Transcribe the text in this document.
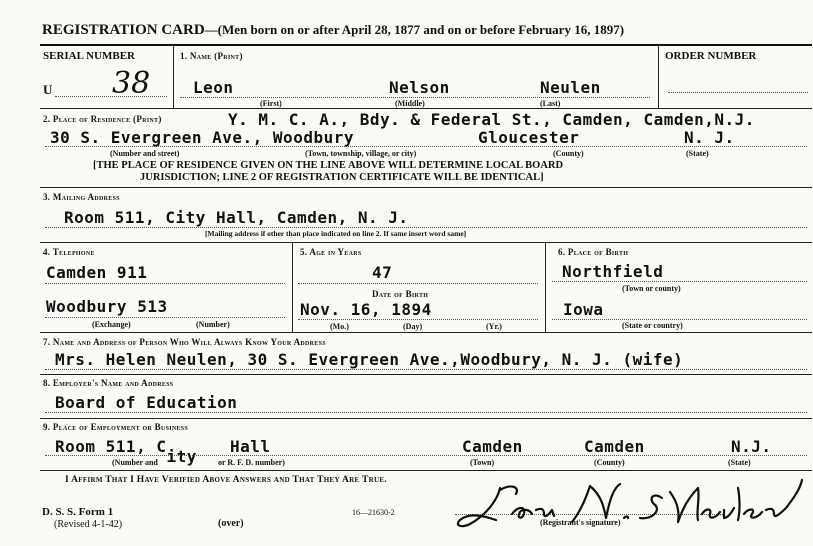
REGISTRATION CARD—(Men born on or after April 28, 1877 and on or before February 16, 1897)
SERIAL NUMBER
U 38
1. Name (Print)
Leon	Nelson	Neulen
(First)	(Middle)	(Last)
ORDER NUMBER
2. Place of Residence (Print)	Y. M. C. A., Bdy. & Federal St., Camden, Camden,N.J.
30 S. Evergreen Ave., Woodbury	Gloucester	N. J.
(Number and street)	(Town, township, village, or city)	(County)	(State)
[THE PLACE OF RESIDENCE GIVEN ON THE LINE ABOVE WILL DETERMINE LOCAL BOARD
JURISDICTION; LINE 2 OF REGISTRATION CERTIFICATE WILL BE IDENTICAL]
3. Mailing Address
Room 511, City Hall, Camden, N. J.
[Mailing address if other than place indicated on line 2. If same insert word same]
4. Telephone
Camden 911
Woodbury 513
(Exchange)	(Number)
5. Age in Years
47
Date of Birth
Nov. 16, 1894
(Mo.)	(Day)	(Yr.)
6. Place of Birth
Northfield
(Town or county)
Iowa
(State or country)
7. Name and Address of Person Who Will Always Know Your Address
Mrs. Helen Neulen, 30 S. Evergreen Ave.,Woodbury, N. J. (wife)
8. Employer's Name and Address
Board of Education
9. Place of Employment or Business
Room 511, City
Hall	Camden	Camden	N.J.
(Number and	or R. F. D. number)	(Town)	(County)	(State)
I Affirm That I Have Verified Above Answers and That They Are True.
D. S. S. Form 1
(Revised 4-1-42)	(over)
16—21630-2
(Registrant's signature)
